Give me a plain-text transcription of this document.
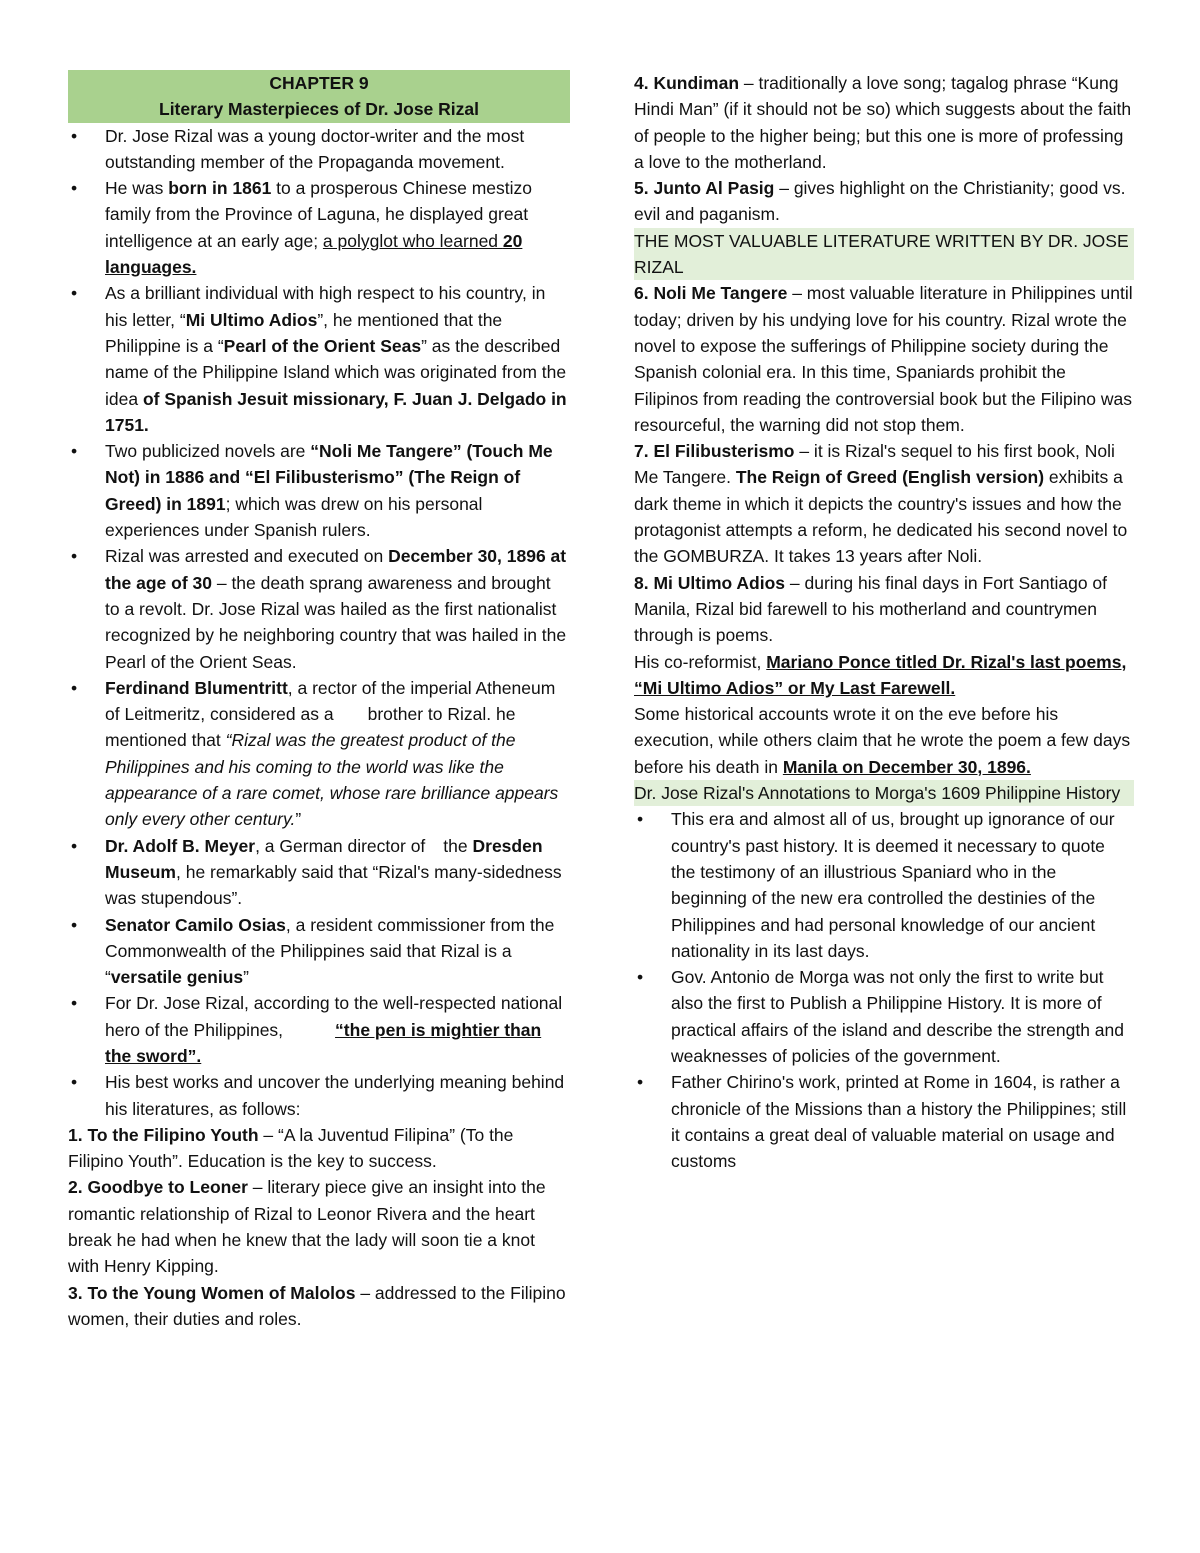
CHAPTER 9
Literary Masterpieces of Dr. Jose Rizal
• Dr. Jose Rizal was a young doctor-writer and the most outstanding member of the Propaganda movement.
• He was born in 1861 to a prosperous Chinese mestizo family from the Province of Laguna, he displayed great intelligence at an early age; a polyglot who learned 20 languages.
• As a brilliant individual with high respect to his country, in his letter, “Mi Ultimo Adios”, he mentioned that the Philippine is a “Pearl of the Orient Seas” as the described name of the Philippine Island which was originated from the idea of Spanish Jesuit missionary, F. Juan J. Delgado in 1751.
• Two publicized novels are “Noli Me Tangere” (Touch Me Not) in 1886 and “El Filibusterismo” (The Reign of Greed) in 1891; which was drew on his personal experiences under Spanish rulers.
• Rizal was arrested and executed on December 30, 1896 at the age of 30 – the death sprang awareness and brought to a revolt. Dr. Jose Rizal was hailed as the first nationalist recognized by he neighboring country that was hailed in the Pearl of the Orient Seas.
• Ferdinand Blumentritt, a rector of the imperial Atheneum of Leitmeritz, considered as a brother to Rizal. he mentioned that “Rizal was the greatest product of the Philippines and his coming to the world was like the appearance of a rare comet, whose rare brilliance appears only every other century.”
• Dr. Adolf B. Meyer, a German director of the Dresden Museum, he remarkably said that “Rizal's many-sidedness was stupendous”.
• Senator Camilo Osias, a resident commissioner from the Commonwealth of the Philippines said that Rizal is a “versatile genius”
• For Dr. Jose Rizal, according to the well-respected national hero of the Philippines,	“the pen is mightier than the sword”.
• His best works and uncover the underlying meaning behind his literatures, as follows:

1. To the Filipino Youth – “A la Juventud Filipina” (To the Filipino Youth”. Education is the key to success.

2. Goodbye to Leoner – literary piece give an insight into the romantic relationship of Rizal to Leonor Rivera and the heart break he had when he knew that the lady will soon tie a knot with Henry Kipping.

3. To the Young Women of Malolos – addressed to the Filipino women, their duties and roles.

4. Kundiman – traditionally a love song; tagalog phrase “Kung Hindi Man” (if it should not be so) which suggests about the faith of people to the higher being; but this one is more of professing a love to the motherland.

5. Junto Al Pasig – gives highlight on the Christianity; good vs. evil and paganism.

THE MOST VALUABLE LITERATURE WRITTEN BY DR. JOSE RIZAL

6. Noli Me Tangere – most valuable literature in Philippines until today; driven by his undying love for his country. Rizal wrote the novel to expose the sufferings of Philippine society during the Spanish colonial era. In this time, Spaniards prohibit the Filipinos from reading the controversial book but the Filipino was resourceful, the warning did not stop them.

7. El Filibusterismo – it is Rizal's sequel to his first book, Noli Me Tangere. The Reign of Greed (English version) exhibits a dark theme in which it depicts the country's issues and how the protagonist attempts a reform, he dedicated his second novel to the GOMBURZA. It takes 13 years after Noli.

8. Mi Ultimo Adios – during his final days in Fort Santiago of Manila, Rizal bid farewell to his motherland and countrymen through is poems.

His co-reformist, Mariano Ponce titled Dr. Rizal's last poems, “Mi Ultimo Adios” or My Last Farewell.

Some historical accounts wrote it on the eve before his execution, while others claim that he wrote the poem a few days before his death in Manila on December 30, 1896.

Dr. Jose Rizal's Annotations to Morga's 1609 Philippine History
• This era and almost all of us, brought up ignorance of our country's past history. It is deemed it necessary to quote the testimony of an illustrious Spaniard who in the beginning of the new era controlled the destinies of the Philippines and had personal knowledge of our ancient nationality in its last days.
• Gov. Antonio de Morga was not only the first to write but also the first to Publish a Philippine History. It is more of practical affairs of the island and describe the strength and weaknesses of policies of the government.
• Father Chirino's work, printed at Rome in 1604, is rather a chronicle of the Missions than a history the Philippines; still it contains a great deal of valuable material on usage and customs
